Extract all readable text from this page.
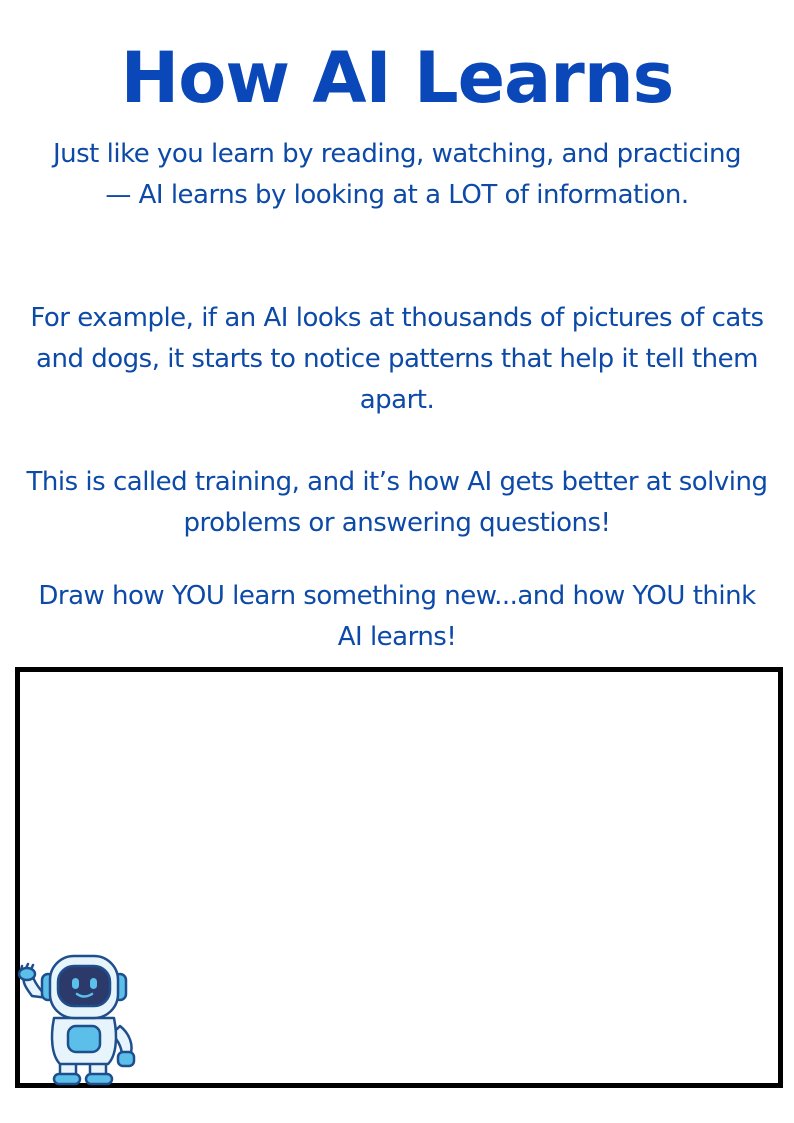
How AI Learns

Just like you learn by reading, watching, and practicing — AI learns by looking at a LOT of information.

For example, if an AI looks at thousands of pictures of cats and dogs, it starts to notice patterns that help it tell them apart.

This is called training, and it’s how AI gets better at solving problems or answering questions!

Draw how YOU learn something new...and how YOU think AI learns!
